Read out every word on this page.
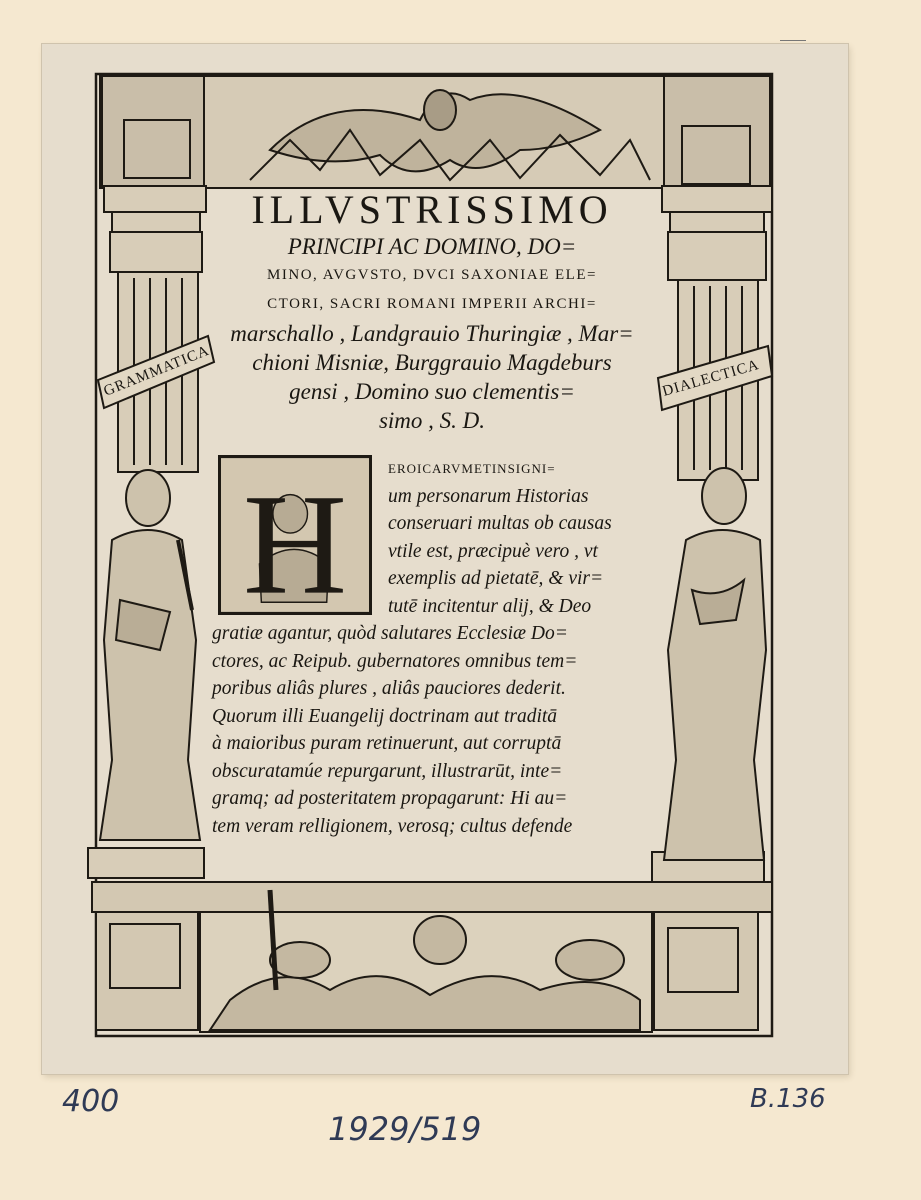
GRAMMATICA	DIALECTICA
ILLVSTRISSIMO
PRINCIPI AC DOMINO, DO=
MINO, AVGVSTO, DVCI SAXONIAE ELE=
CTORI, SACRI ROMANI IMPERII ARCHI=
marschallo , Landgrauio Thuringiæ , Mar=
chioni Misniæ, Burggrauio Magdeburs
gensi , Domino suo clementis=
simo , S. D.
H	EROICARVMETINSIGNI=
um personarum Historias
conseruari multas ob causas
vtile est, præcipuè vero , vt
exemplis ad pietatē, & vir=
tutē incitentur alij, & Deo
gratiæ agantur, quòd salutares Ecclesiæ Do=
ctores, ac Reipub. gubernatores omnibus tem=
poribus aliâs plures , aliâs pauciores dederit.
Quorum illi Euangelij doctrinam aut traditā
à maioribus puram retinuerunt, aut corruptā
obscuratamúe repurgarunt, illustrarūt, inte=
gramq; ad posteritatem propagarunt: Hi au=
tem veram relligionem, verosq; cultus defende
400
1929/519
B.136
